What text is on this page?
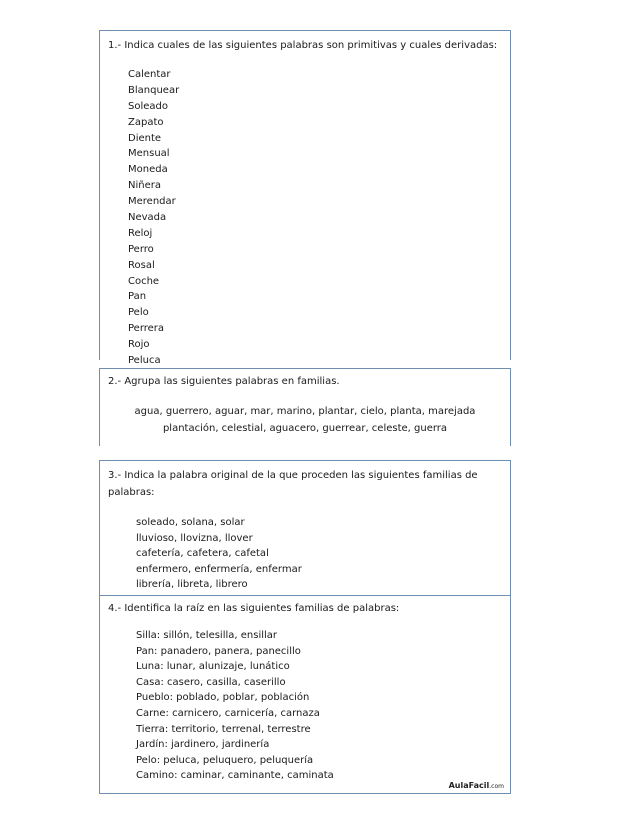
1.- Indica cuales de las siguientes palabras son primitivas y cuales derivadas:
Calentar
Blanquear
Soleado
Zapato
Diente
Mensual
Moneda
Niñera
Merendar
Nevada
Reloj
Perro
Rosal
Coche
Pan
Pelo
Perrera
Rojo
Peluca
2.- Agrupa las siguientes palabras en familias.
agua, guerrero, aguar, mar, marino, plantar, cielo, planta, marejada
plantación, celestial, aguacero, guerrear, celeste, guerra
3.- Indica la palabra original de la que proceden las siguientes familias de
palabras:
soleado, solana, solar
lluvioso, llovizna, llover
cafetería, cafetera, cafetal
enfermero, enfermería, enfermar
librería, libreta, librero
4.- Identifica la raíz en las siguientes familias de palabras:
Silla: sillón, telesilla, ensillar
Pan: panadero, panera, panecillo
Luna: lunar, alunizaje, lunático
Casa: casero, casilla, caserillo
Pueblo: poblado, poblar, población
Carne: carnicero, carnicería, carnaza
Tierra: territorio, terrenal, terrestre
Jardín: jardinero, jardinería
Pelo: peluca, peluquero, peluquería
Camino: caminar, caminante, caminata
AulaFacil.com
